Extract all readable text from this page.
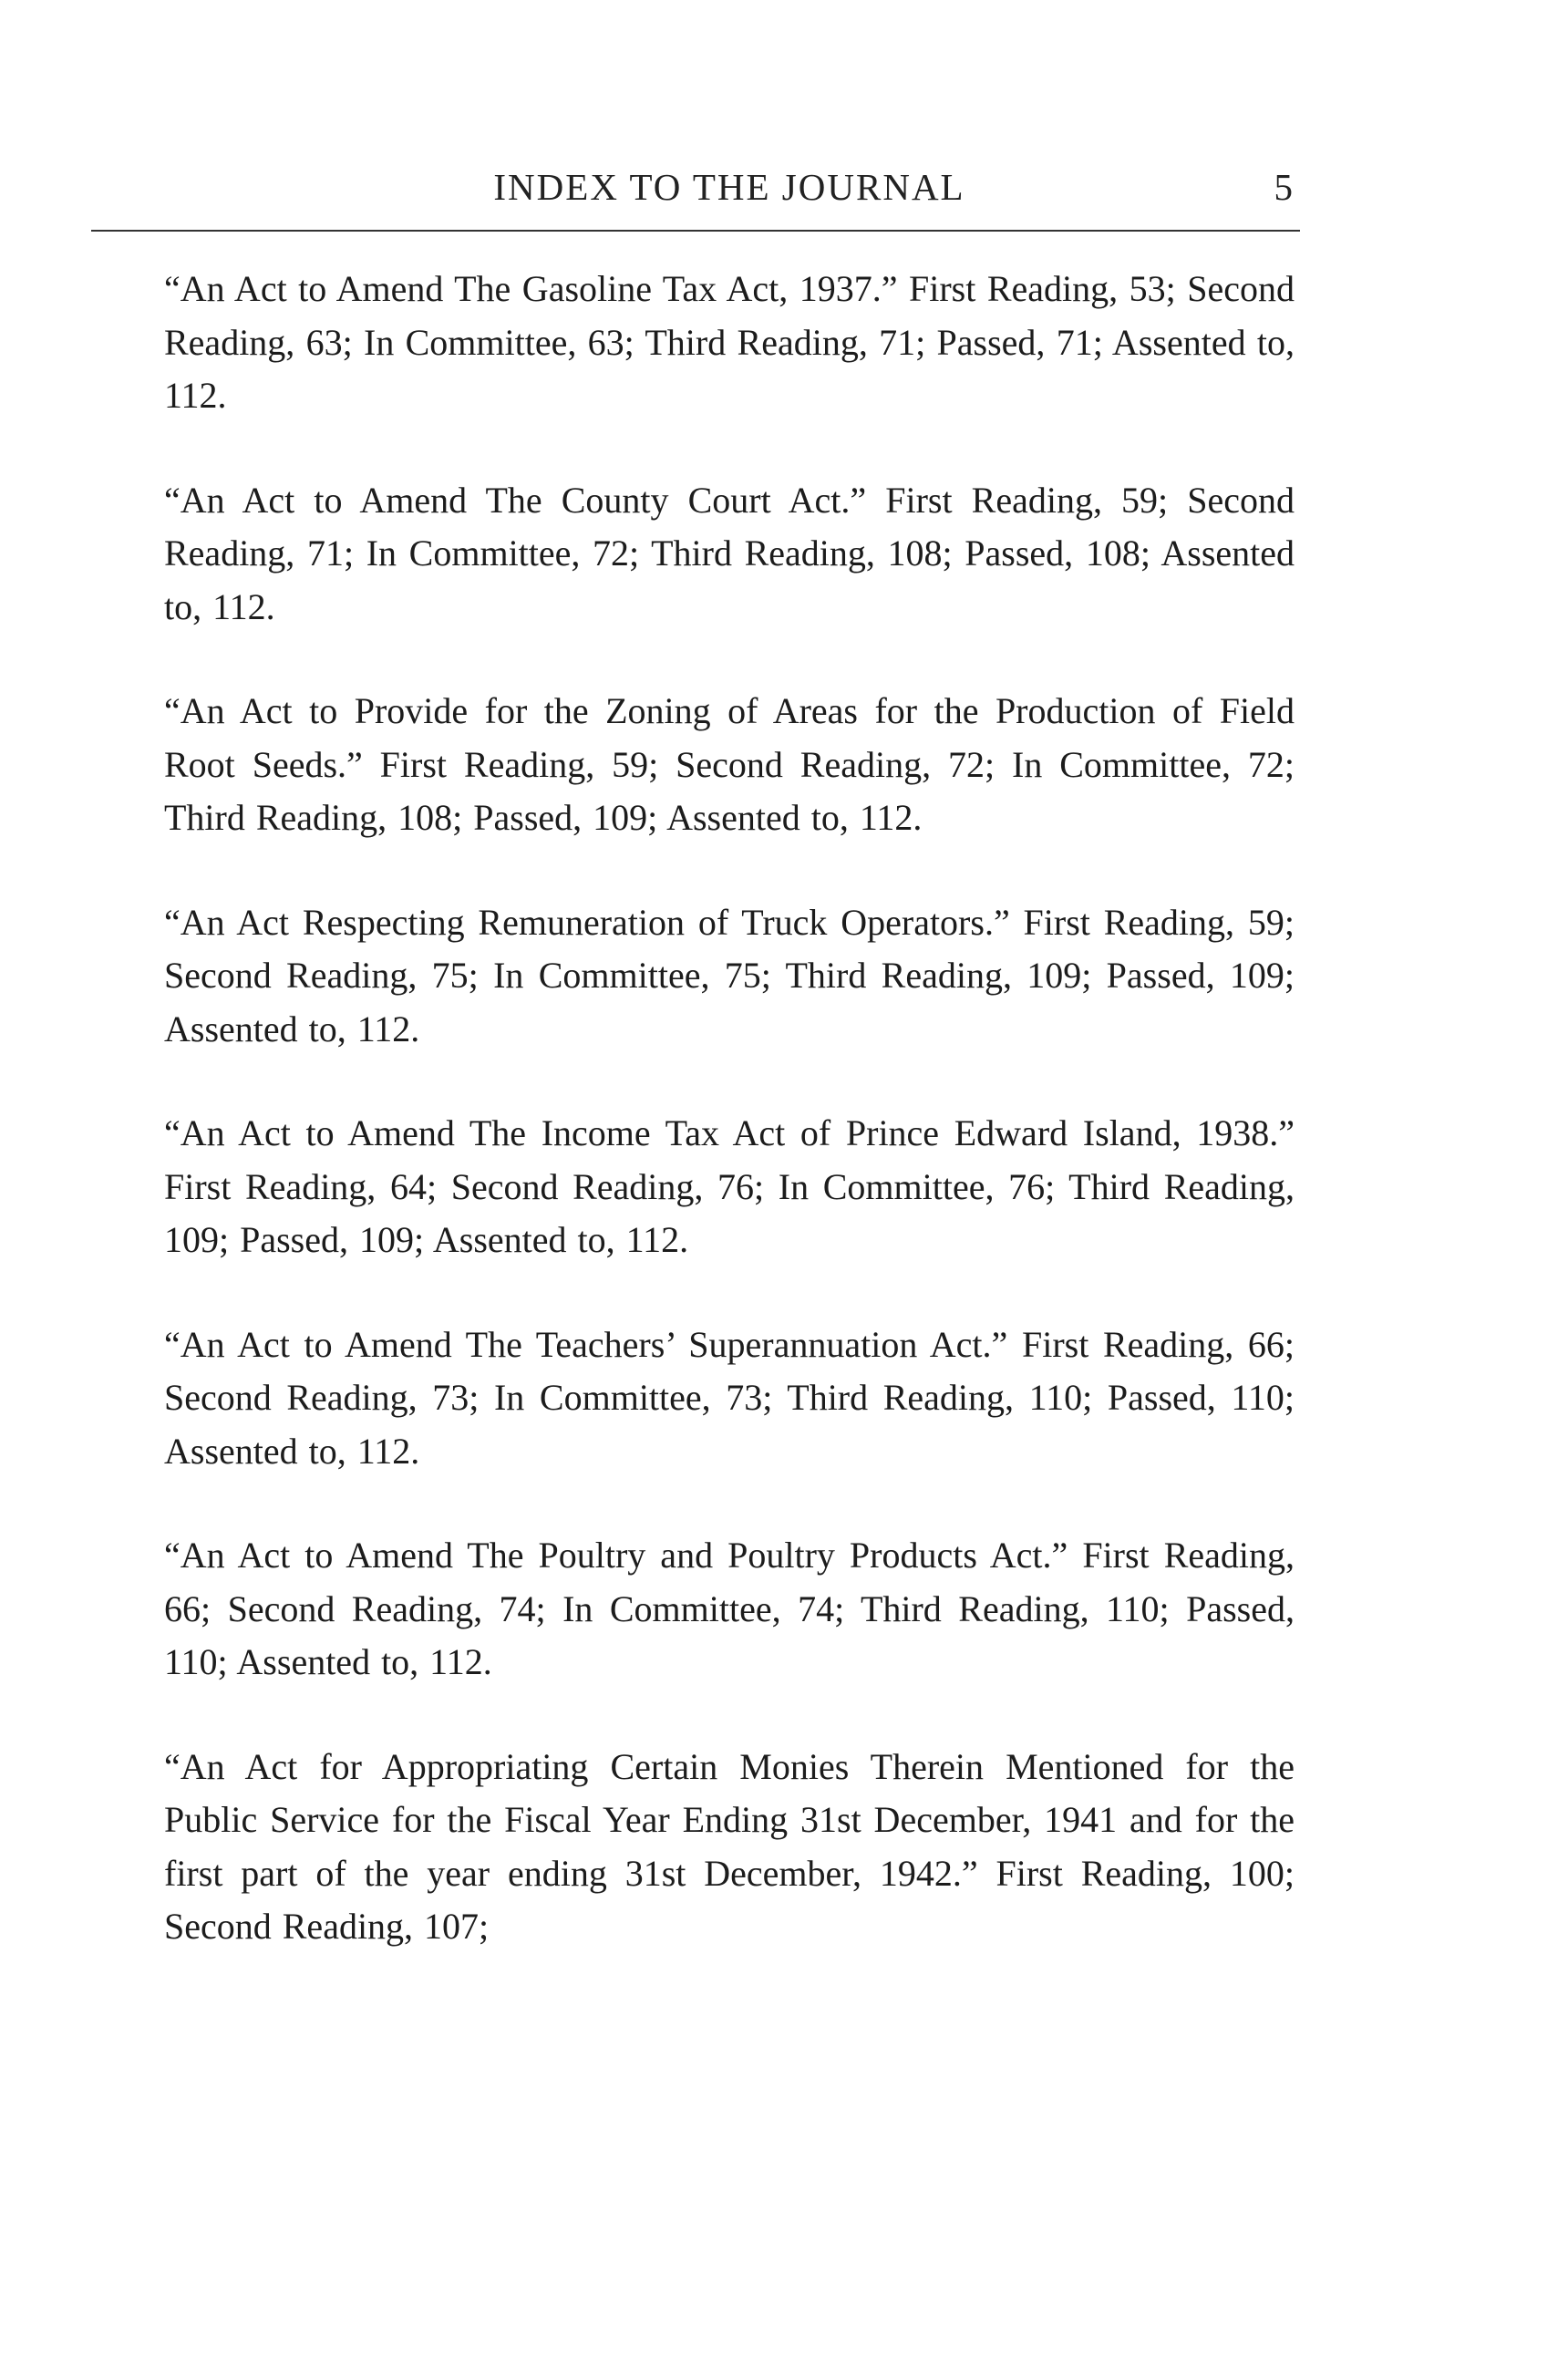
INDEX TO THE JOURNAL	5

“An Act to Amend The Gasoline Tax Act, 1937.” First Reading, 53; Second Reading, 63; In Committee, 63; Third Reading, 71; Passed, 71; Assented to, 112.

“An Act to Amend The County Court Act.” First Reading, 59; Second Reading, 71; In Committee, 72; Third Reading, 108; Passed, 108; Assented to, 112.

“An Act to Provide for the Zoning of Areas for the Production of Field Root Seeds.” First Reading, 59; Second Reading, 72; In Committee, 72; Third Reading, 108; Passed, 109; Assented to, 112.

“An Act Respecting Remuneration of Truck Operators.” First Reading, 59; Second Reading, 75; In Committee, 75; Third Reading, 109; Passed, 109; Assented to, 112.

“An Act to Amend The Income Tax Act of Prince Edward Island, 1938.” First Reading, 64; Second Reading, 76; In Committee, 76; Third Reading, 109; Passed, 109; Assented to, 112.

“An Act to Amend The Teachers’ Superannuation Act.” First Reading, 66; Second Reading, 73; In Committee, 73; Third Reading, 110; Passed, 110; Assented to, 112.

“An Act to Amend The Poultry and Poultry Products Act.” First Reading, 66; Second Reading, 74; In Committee, 74; Third Reading, 110; Passed, 110; Assented to, 112.

“An Act for Appropriating Certain Monies Therein Mentioned for the Public Service for the Fiscal Year Ending 31st December, 1941 and for the first part of the year ending 31st December, 1942.” First Reading, 100; Second Reading, 107;
